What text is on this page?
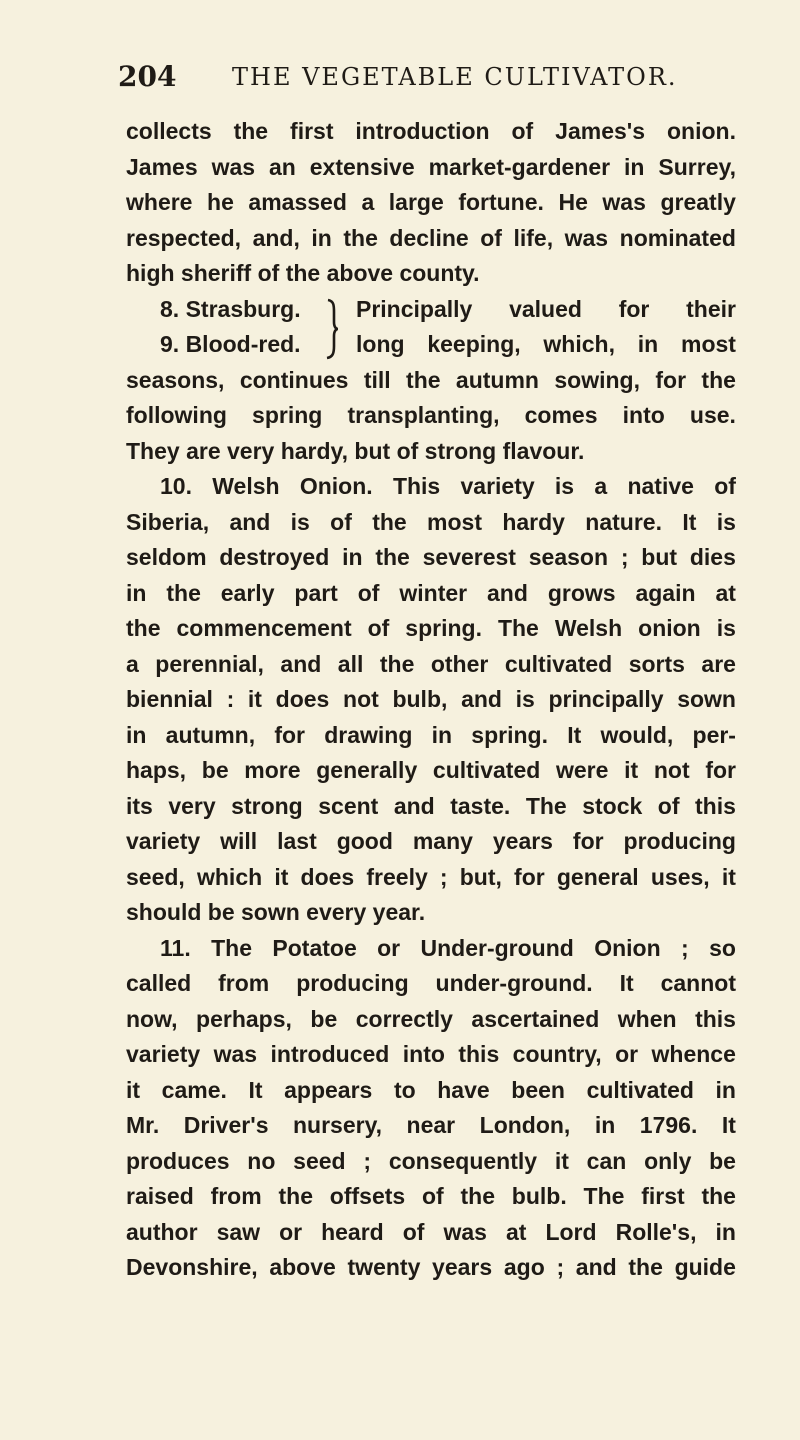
204 THE VEGETABLE CULTIVATOR.
collects the first introduction of James's onion.
James was an extensive market-gardener in Surrey,
where he amassed a large fortune. He was greatly
respected, and, in the decline of life, was nominated
high sheriff of the above county.
8. Strasburg.
9. Blood-red.
Principally valued for their
long keeping, which, in most
seasons, continues till the autumn sowing, for the
following spring transplanting, comes into use.
They are very hardy, but of strong flavour.
10. Welsh Onion. This variety is a native of
Siberia, and is of the most hardy nature. It is
seldom destroyed in the severest season ; but dies
in the early part of winter and grows again at
the commencement of spring. The Welsh onion is
a perennial, and all the other cultivated sorts are
biennial : it does not bulb, and is principally sown
in autumn, for drawing in spring. It would, per-
haps, be more generally cultivated were it not for
its very strong scent and taste. The stock of this
variety will last good many years for producing
seed, which it does freely ; but, for general uses, it
should be sown every year.
11. The Potatoe or Under-ground Onion ; so
called from producing under-ground. It cannot
now, perhaps, be correctly ascertained when this
variety was introduced into this country, or whence
it came. It appears to have been cultivated in
Mr. Driver's nursery, near London, in 1796. It
produces no seed ; consequently it can only be
raised from the offsets of the bulb. The first the
author saw or heard of was at Lord Rolle's, in
Devonshire, above twenty years ago ; and the guide
